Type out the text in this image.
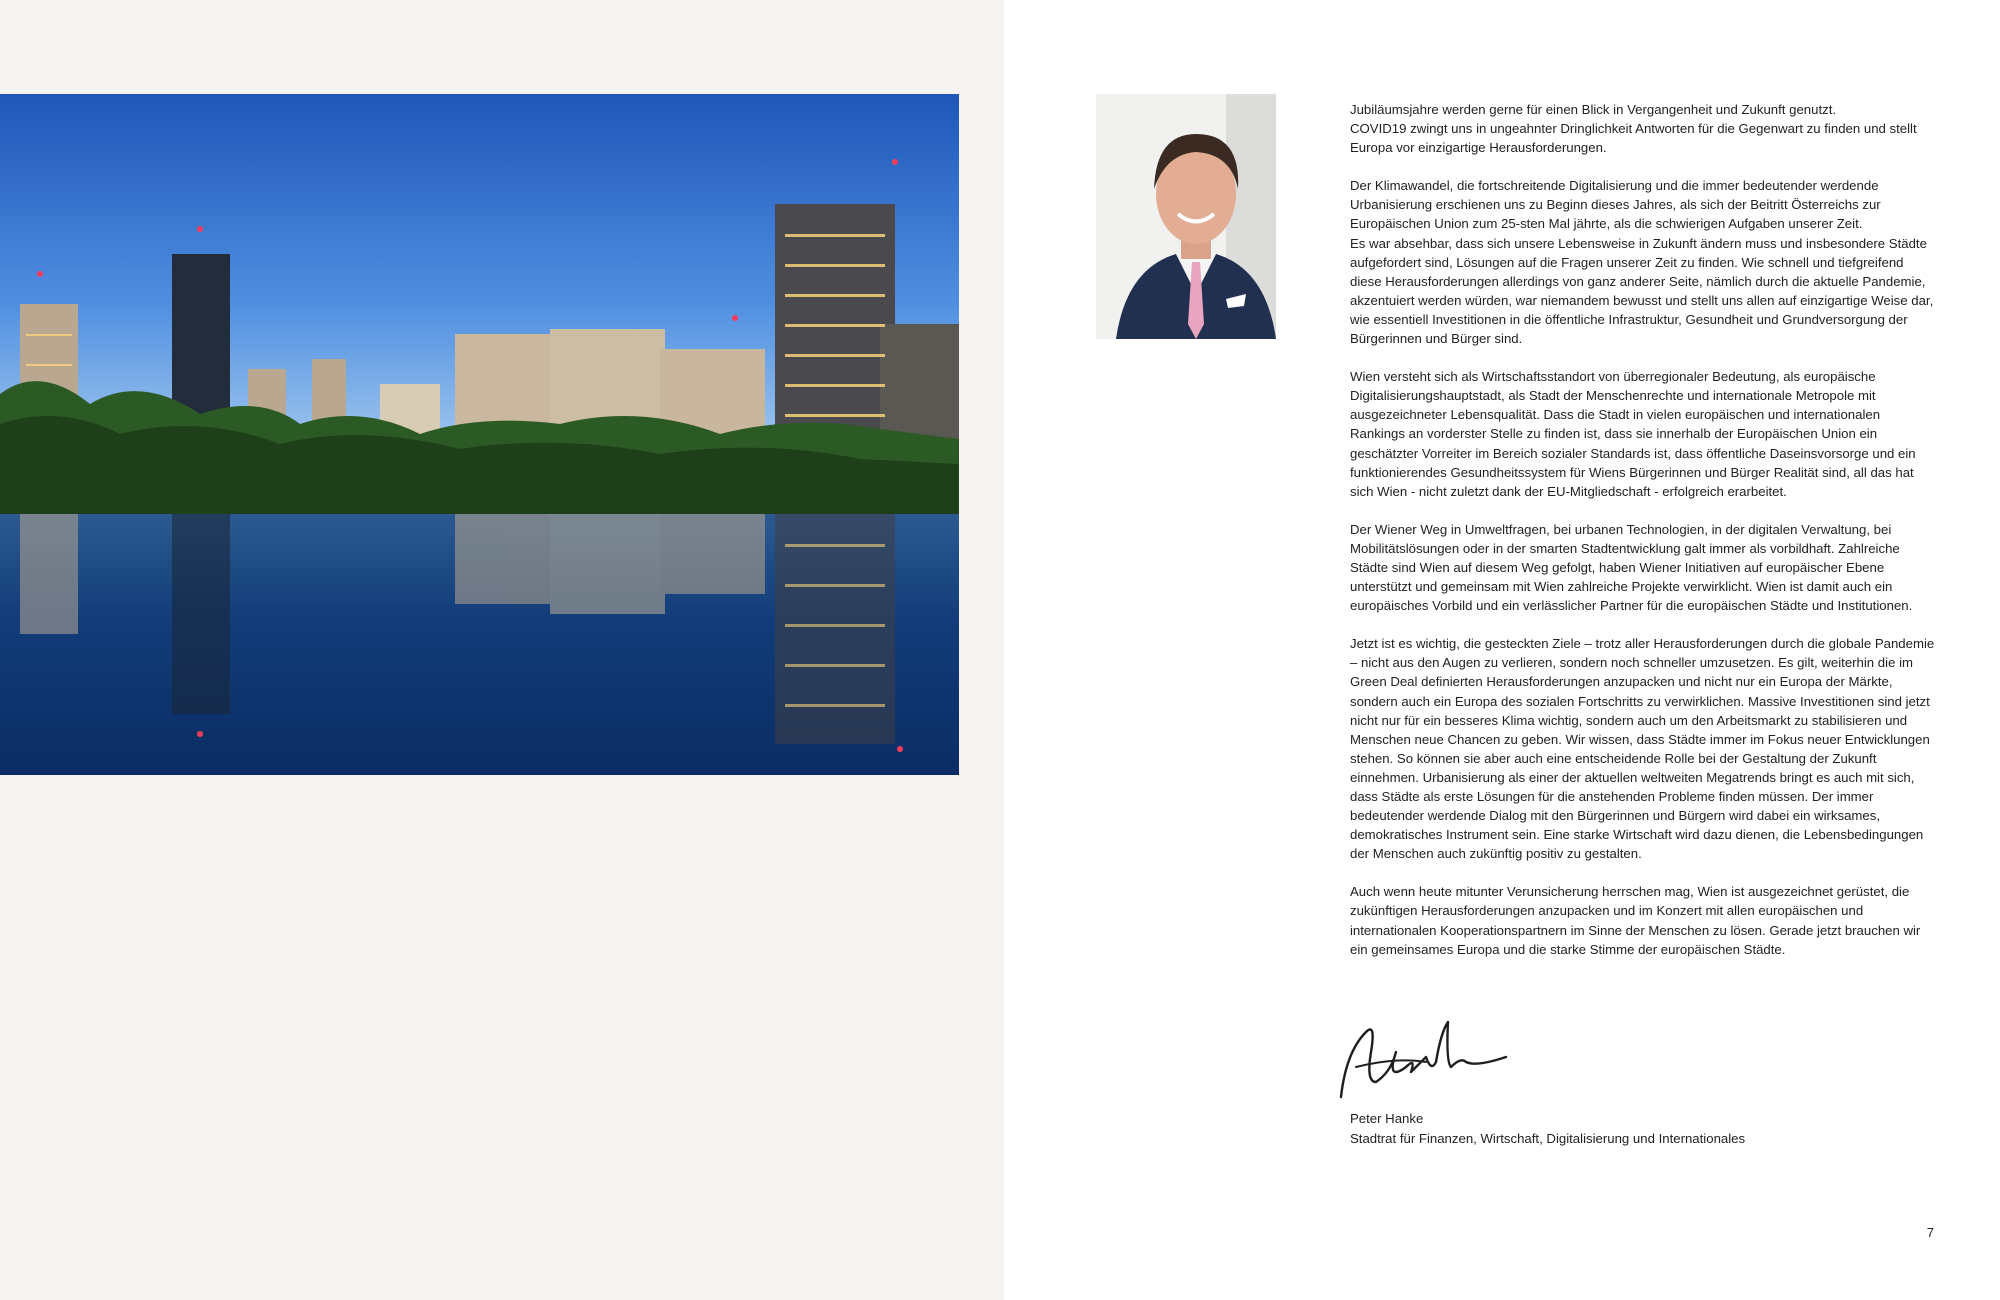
Jubiläumsjahre werden gerne für einen Blick in Vergangenheit und Zukunft genutzt.
COVID19 zwingt uns in ungeahnter Dringlichkeit Antworten für die Gegenwart zu finden und stellt Europa vor einzigartige Herausforderungen.

Der Klimawandel, die fortschreitende Digitalisierung und die immer bedeutender werdende Urbanisierung erschienen uns zu Beginn dieses Jahres, als sich der Beitritt Österreichs zur Europäischen Union zum 25-sten Mal jährte, als die schwierigen Aufgaben unserer Zeit.
Es war absehbar, dass sich unsere Lebensweise in Zukunft ändern muss und insbesondere Städte aufgefordert sind, Lösungen auf die Fragen unserer Zeit zu finden. Wie schnell und tiefgreifend diese Herausforderungen allerdings von ganz anderer Seite, nämlich durch die aktuelle Pandemie, akzentuiert werden würden, war niemandem bewusst und stellt uns allen auf einzigartige Weise dar, wie essentiell Investitionen in die öffentliche Infrastruktur, Gesundheit und Grundversorgung der Bürgerinnen und Bürger sind.

Wien versteht sich als Wirtschaftsstandort von überregionaler Bedeutung, als europäische Digitalisierungshauptstadt, als Stadt der Menschenrechte und internationale Metropole mit ausgezeichneter Lebensqualität. Dass die Stadt in vielen europäischen und internationalen Rankings an vorderster Stelle zu finden ist, dass sie innerhalb der Europäischen Union ein geschätzter Vorreiter im Bereich sozialer Standards ist, dass öffentliche Daseinsvorsorge und ein funktionierendes Gesundheitssystem für Wiens Bürgerinnen und Bürger Realität sind, all das hat sich Wien - nicht zuletzt dank der EU-Mitgliedschaft - erfolgreich erarbeitet.

Der Wiener Weg in Umweltfragen, bei urbanen Technologien, in der digitalen Verwaltung, bei Mobilitätslösungen oder in der smarten Stadtentwicklung galt immer als vorbildhaft. Zahlreiche Städte sind Wien auf diesem Weg gefolgt, haben Wiener Initiativen auf europäischer Ebene unterstützt und gemeinsam mit Wien zahlreiche Projekte verwirklicht. Wien ist damit auch ein europäisches Vorbild und ein verlässlicher Partner für die europäischen Städte und Institutionen.

Jetzt ist es wichtig, die gesteckten Ziele – trotz aller Herausforderungen durch die globale Pandemie – nicht aus den Augen zu verlieren, sondern noch schneller umzusetzen. Es gilt, weiterhin die im Green Deal definierten Herausforderungen anzupacken und nicht nur ein Europa der Märkte, sondern auch ein Europa des sozialen Fortschritts zu verwirklichen. Massive Investitionen sind jetzt nicht nur für ein besseres Klima wichtig, sondern auch um den Arbeitsmarkt zu stabilisieren und Menschen neue Chancen zu geben. Wir wissen, dass Städte immer im Fokus neuer Entwicklungen stehen. So können sie aber auch eine entscheidende Rolle bei der Gestaltung der Zukunft einnehmen. Urbanisierung als einer der aktuellen weltweiten Megatrends bringt es auch mit sich, dass Städte als erste Lösungen für die anstehenden Probleme finden müssen. Der immer bedeutender werdende Dialog mit den Bürgerinnen und Bürgern wird dabei ein wirksames, demokratisches Instrument sein. Eine starke Wirtschaft wird dazu dienen, die Lebensbedingungen der Menschen auch zukünftig positiv zu gestalten.

Auch wenn heute mitunter Verunsicherung herrschen mag, Wien ist ausgezeichnet gerüstet, die zukünftigen Herausforderungen anzupacken und im Konzert mit allen europäischen und internationalen Kooperationspartnern im Sinne der Menschen zu lösen. Gerade jetzt brauchen wir ein gemeinsames Europa und die starke Stimme der europäischen Städte.

Peter Hanke
Stadtrat für Finanzen, Wirtschaft, Digitalisierung und Internationales
7
